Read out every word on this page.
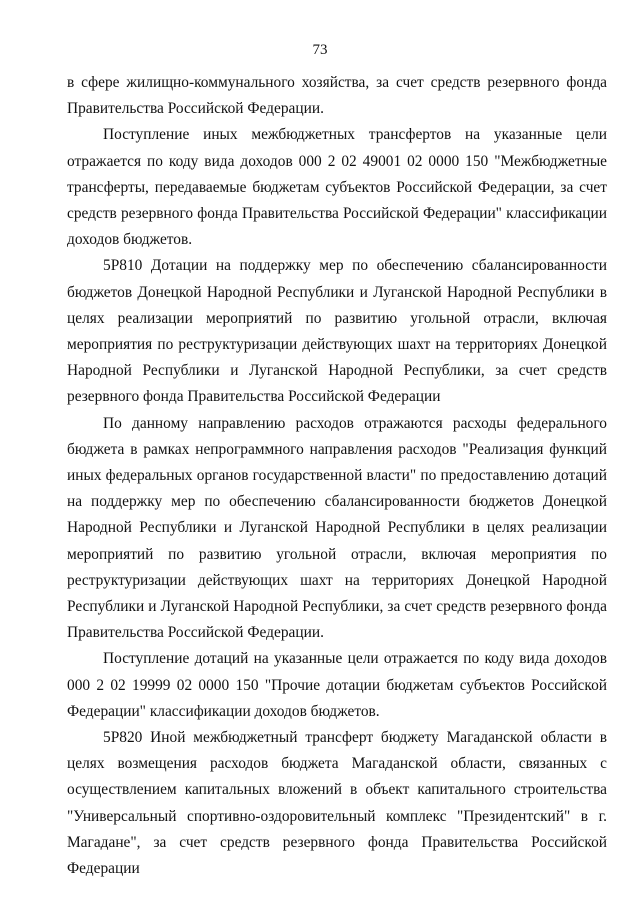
73

в сфере жилищно-коммунального хозяйства, за счет средств резервного фонда Правительства Российской Федерации.

Поступление иных межбюджетных трансфертов на указанные цели отражается по коду вида доходов 000 2 02 49001 02 0000 150 "Межбюджетные трансферты, передаваемые бюджетам субъектов Российской Федерации, за счет средств резервного фонда Правительства Российской Федерации" классификации доходов бюджетов.

5Р810 Дотации на поддержку мер по обеспечению сбалансированности бюджетов Донецкой Народной Республики и Луганской Народной Республики в целях реализации мероприятий по развитию угольной отрасли, включая мероприятия по реструктуризации действующих шахт на территориях Донецкой Народной Республики и Луганской Народной Республики, за счет средств резервного фонда Правительства Российской Федерации

По данному направлению расходов отражаются расходы федерального бюджета в рамках непрограммного направления расходов "Реализация функций иных федеральных органов государственной власти" по предоставлению дотаций на поддержку мер по обеспечению сбалансированности бюджетов Донецкой Народной Республики и Луганской Народной Республики в целях реализации мероприятий по развитию угольной отрасли, включая мероприятия по реструктуризации действующих шахт на территориях Донецкой Народной Республики и Луганской Народной Республики, за счет средств резервного фонда Правительства Российской Федерации.

Поступление дотаций на указанные цели отражается по коду вида доходов 000 2 02 19999 02 0000 150 "Прочие дотации бюджетам субъектов Российской Федерации" классификации доходов бюджетов.

5Р820 Иной межбюджетный трансферт бюджету Магаданской области в целях возмещения расходов бюджета Магаданской области, связанных с осуществлением капитальных вложений в объект капитального строительства "Универсальный спортивно-оздоровительный комплекс "Президентский" в г. Магадане", за счет средств резервного фонда Правительства Российской Федерации
